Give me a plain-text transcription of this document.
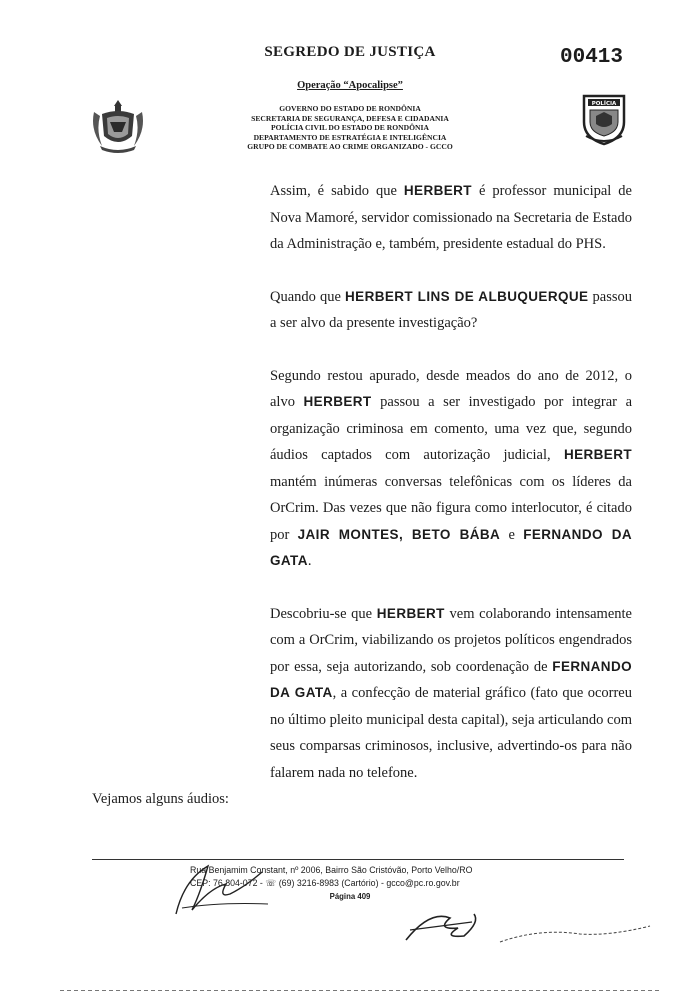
SEGREDO DE JUSTIÇA	00413
Operação “Apocalipse”
GOVERNO DO ESTADO DE RONDÔNIA
SECRETARIA DE SEGURANÇA, DEFESA E CIDADANIA
POLÍCIA CIVIL DO ESTADO DE RONDÔNIA
DEPARTAMENTO DE ESTRATÉGIA E INTELIGÊNCIA
GRUPO DE COMBATE AO CRIME ORGANIZADO - GCCO
POLÍCIA

Assim, é sabido que HERBERT é professor municipal de Nova Mamoré, servidor comissionado na Secretaria de Estado da Administração e, também, presidente estadual do PHS.

Quando que HERBERT LINS DE ALBUQUERQUE passou a ser alvo da presente investigação?

Segundo restou apurado, desde meados do ano de 2012, o alvo HERBERT passou a ser investigado por integrar a organização criminosa em comento, uma vez que, segundo áudios captados com autorização judicial, HERBERT mantém inúmeras conversas telefônicas com os líderes da OrCrim. Das vezes que não figura como interlocutor, é citado por JAIR MONTES, BETO BÁBA e FERNANDO DA GATA.

Descobriu-se que HERBERT vem colaborando intensamente com a OrCrim, viabilizando os projetos políticos engendrados por essa, seja autorizando, sob coordenação de FERNANDO DA GATA, a confecção de material gráfico (fato que ocorreu no último pleito municipal desta capital), seja articulando com seus comparsas criminosos, inclusive, advertindo-os para não falarem nada no telefone.

Vejamos alguns áudios:

Rua Benjamim Constant, nº 2006, Bairro São Cristóvão, Porto Velho/RO
CEP: 76.804-072 - ☏ (69) 3216-8983 (Cartório) - gcco@pc.ro.gov.br
Página 409
